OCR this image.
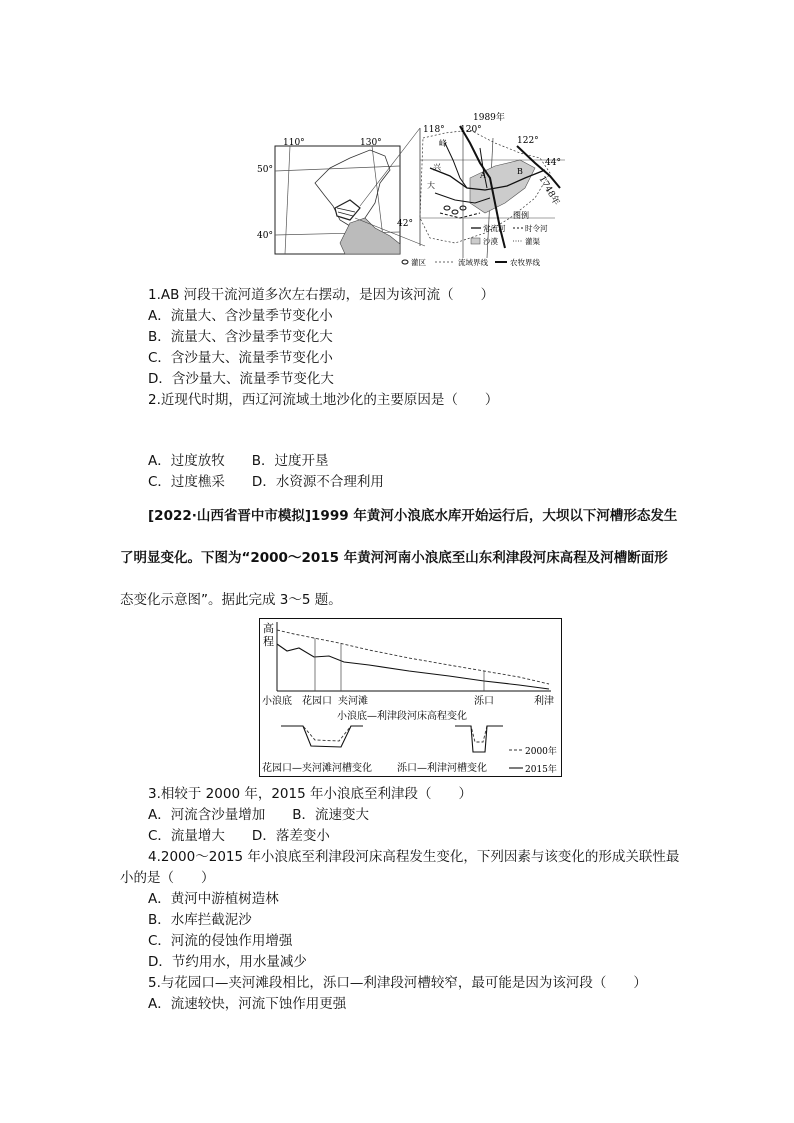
110°	130°
50°
40°
1989年
118° 120°
122°
44°
42°
1748年
峰
兴
大
A	B
图例
常流河	时令河
沙漠	灌渠
灌区	流域界线	农牧界线
1.AB 河段干流河道多次左右摆动，是因为该河流（　　）
A．流量大、含沙量季节变化小
B．流量大、含沙量季节变化大
C．含沙量大、流量季节变化小
D．含沙量大、流量季节变化大
2.近现代时期，西辽河流域土地沙化的主要原因是（　　）
A．过度放牧　　B．过度开垦
C．过度樵采　　D．水资源不合理利用
[2022·山西省晋中市模拟]1999 年黄河小浪底水库开始运行后，大坝以下河槽形态发生
了明显变化。下图为“2000～2015 年黄河河南小浪底至山东利津段河床高程及河槽断面形
态变化示意图”。据此完成 3～5 题。
高
程
小浪底 花园口 夹河滩	泺口	利津
小浪底—利津段河床高程变化
2000年
2015年
花园口—夹河滩河槽变化	泺口—利津河槽变化
3.相较于 2000 年，2015 年小浪底至利津段（　　）
A．河流含沙量增加　　B．流速变大
C．流量增大　　D．落差变小
4.2000～2015 年小浪底至利津段河床高程发生变化，下列因素与该变化的形成关联性最
小的是（　　）
A．黄河中游植树造林
B．水库拦截泥沙
C．河流的侵蚀作用增强
D．节约用水，用水量减少
5.与花园口—夹河滩段相比，泺口—利津段河槽较窄，最可能是因为该河段（　　）
A．流速较快，河流下蚀作用更强
